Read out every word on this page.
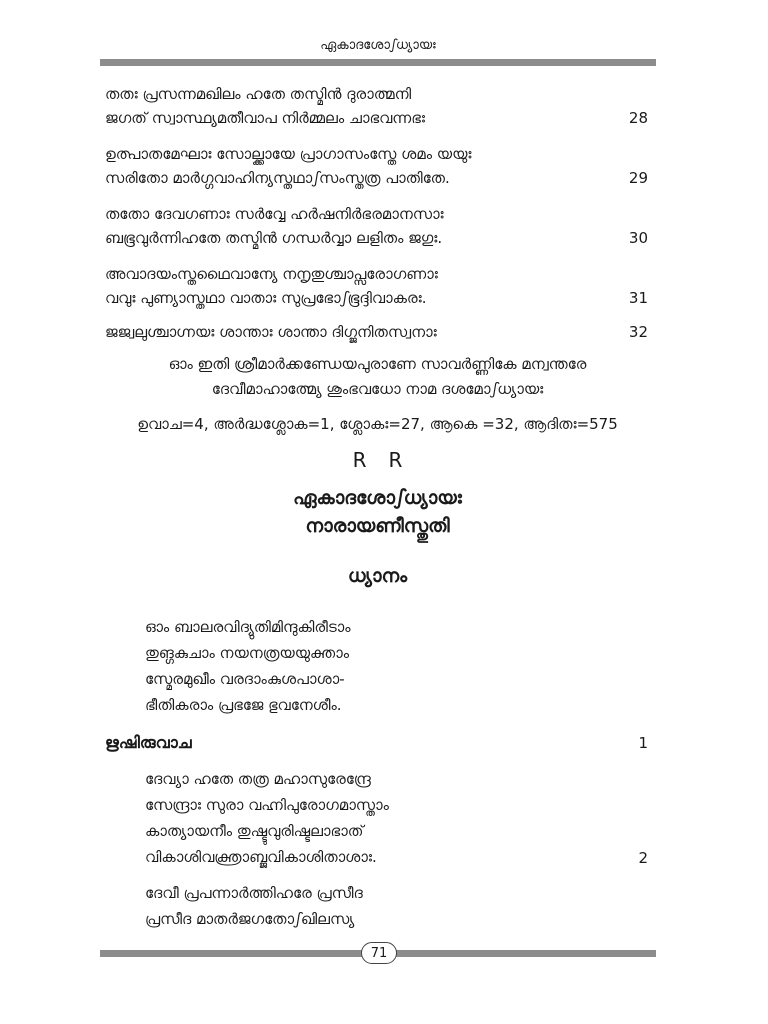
ഏകാദശോഽധ്യായഃ
തതഃ പ്രസന്നമഖിലം ഹതേ തസ്മിൻ ദുരാത്മനി
ജഗത് സ്വാസ്ഥ്യമതീവാപ നിർമ്മലം ചാഭവന്നഭഃ	28
ഉത്പാതമേഘാഃ സോല്ക്കായേ പ്രാഗാസംസ്തേ ശമം യയുഃ
സരിതോ മാർഗ്ഗവാഹിന്യസ്തഥാഽസംസ്തത്ര പാതിതേ.	29
തതോ ദേവഗണാഃ സർവ്വേ ഹർഷനിർഭരമാനസാഃ
ബഭൂവുർന്നിഹതേ തസ്മിൻ ഗന്ധർവ്വാ ലളിതം ജഗുഃ.	30
അവാദയംസ്തഥൈവാന്യേ നനൃതുശ്ചാപ്സരോഗണാഃ
വവുഃ പുണ്യാസ്തഥാ വാതാഃ സുപ്രഭോഽഭൂദ്ദിവാകരഃ.	31
ജജ്വലുശ്ചാഗ്നയഃ ശാന്താഃ ശാന്താ ദിഗ്ജനിതസ്വനാഃ	32
ഓം ഇതി ശ്രീമാർക്കണ്ഡേയപുരാണേ സാവർണ്ണികേ മന്വന്തരേ
ദേവീമാഹാത്മ്യേ ശുംഭവധോ നാമ ദശമോഽധ്യായഃ
ഉവാച=4, അർദ്ധശ്ലോക=1, ശ്ലോകഃ=27, ആകെ =32, ആദിതഃ=575
RR
ഏകാദശോഽധ്യായഃ
നാരായണീസ്തുതി
ധ്യാനം
ഓം ബാലരവിദ്യുതിമിന്ദുകിരീടാം
തുങ്ഗകുചാം നയനത്രയയുക്താം
സ്മേരമുഖീം വരദാംകുശപാശാ-
ഭീതികരാം പ്രഭജേ ഭുവനേശീം.
ഋഷിരുവാച	1
ദേവ്യാ ഹതേ തത്ര മഹാസുരേന്ദ്രേ
സേന്ദ്രാഃ സുരാ വഹ്നിപുരോഗമാസ്താം
കാത്യായനീം തുഷ്ടുവുരിഷ്ടലാഭാത്
വികാശിവക്ത്രാബ്ജവികാശിതാശാഃ.	2
ദേവീ പ്രപന്നാർത്തിഹരേ പ്രസീദ
പ്രസീദ മാതർജഗതോഽഖിലസ്യ
71
